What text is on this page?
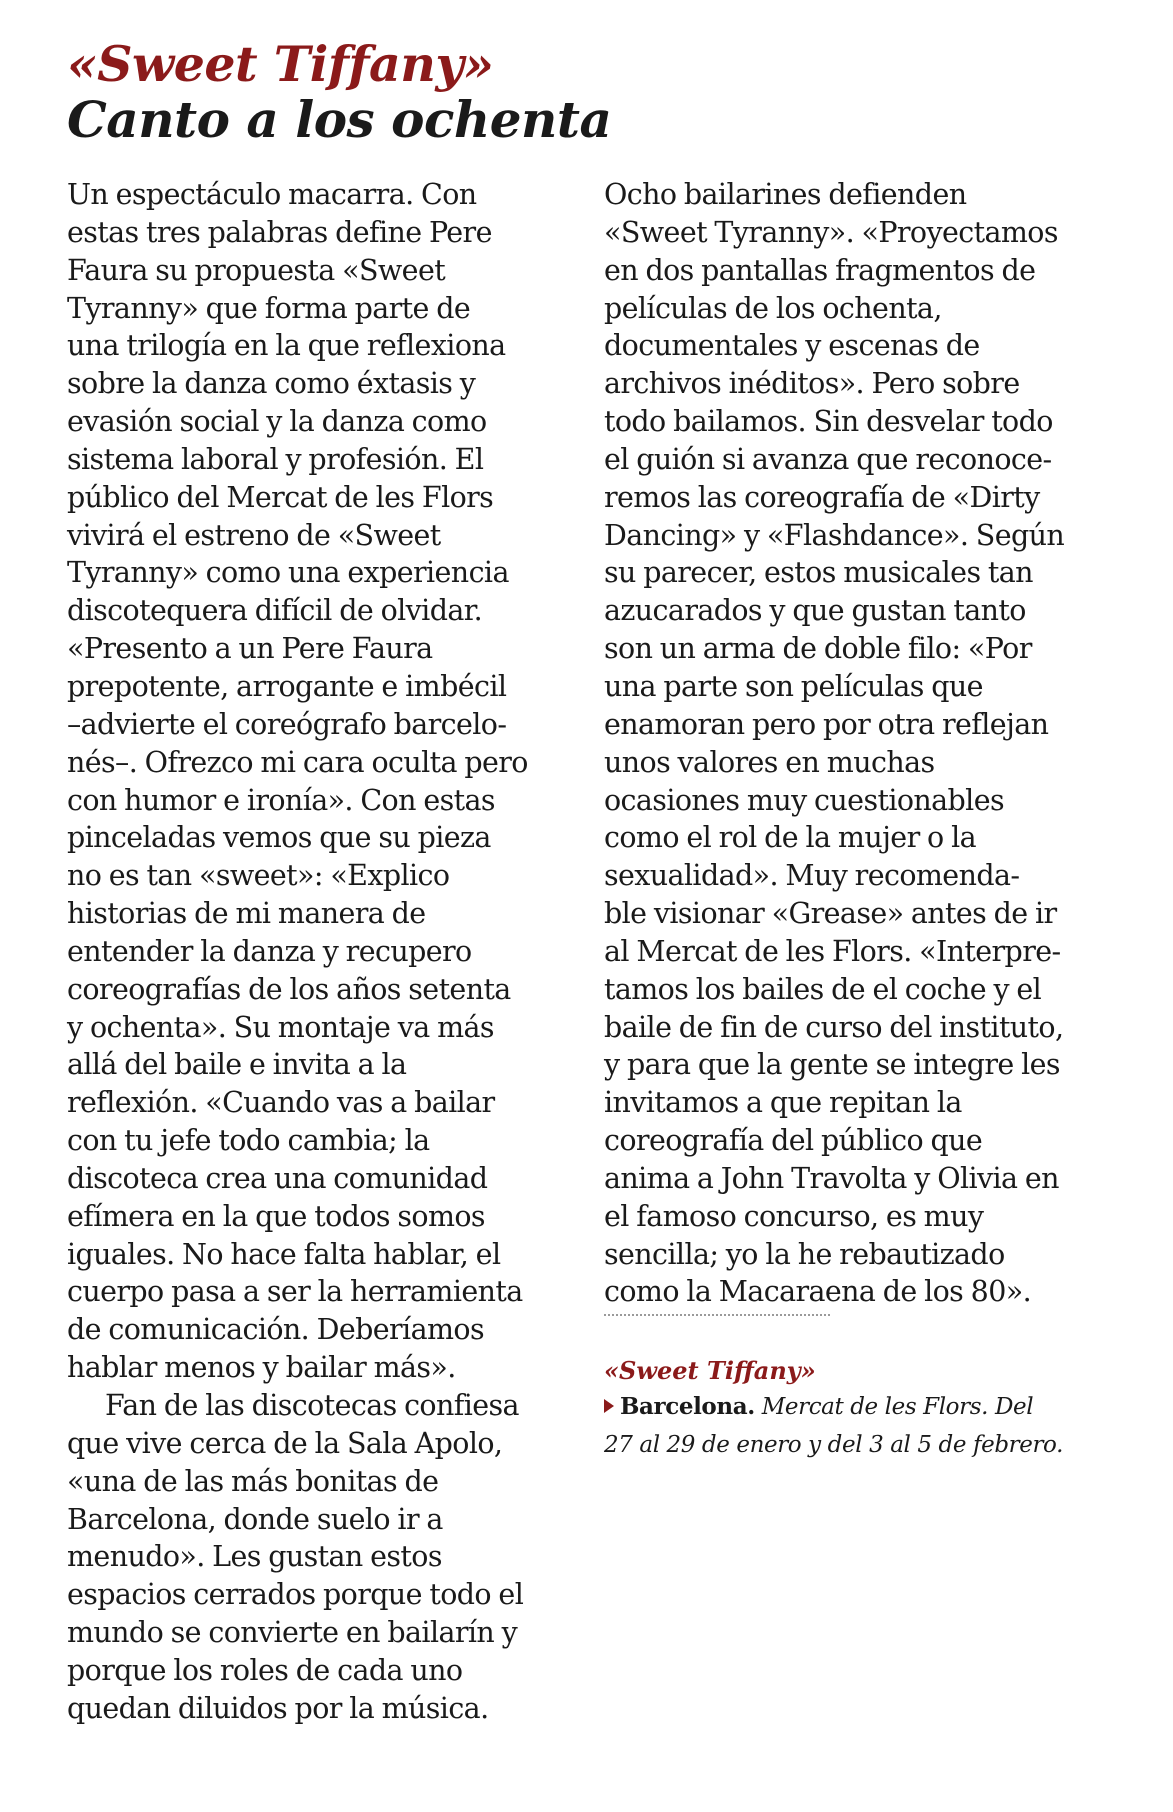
«Sweet Tiffany»
Canto a los ochenta

Un espectáculo macarra. Con
estas tres palabras define Pere
Faura su propuesta «Sweet
Tyranny» que forma parte de
una trilogía en la que reflexiona
sobre la danza como éxtasis y
evasión social y la danza como
sistema laboral y profesión. El
público del Mercat de les Flors
vivirá el estreno de «Sweet
Tyranny» como una experiencia
discotequera difícil de olvidar.
«Presento a un Pere Faura
prepotente, arrogante e imbécil
–advierte el coreógrafo barcelo-
nés–. Ofrezco mi cara oculta pero
con humor e ironía». Con estas
pinceladas vemos que su pieza
no es tan «sweet»: «Explico
historias de mi manera de
entender la danza y recupero
coreografías de los años setenta
y ochenta». Su montaje va más
allá del baile e invita a la
reflexión. «Cuando vas a bailar
con tu jefe todo cambia; la
discoteca crea una comunidad
efímera en la que todos somos
iguales. No hace falta hablar, el
cuerpo pasa a ser la herramienta
de comunicación. Deberíamos
hablar menos y bailar más».

Fan de las discotecas confiesa
que vive cerca de la Sala Apolo,
«una de las más bonitas de
Barcelona, donde suelo ir a
menudo». Les gustan estos
espacios cerrados porque todo el
mundo se convierte en bailarín y
porque los roles de cada uno
quedan diluidos por la música.

Ocho bailarines defienden
«Sweet Tyranny». «Proyectamos
en dos pantallas fragmentos de
películas de los ochenta,
documentales y escenas de
archivos inéditos». Pero sobre
todo bailamos. Sin desvelar todo
el guión si avanza que reconoce-
remos las coreografía de «Dirty
Dancing» y «Flashdance». Según
su parecer, estos musicales tan
azucarados y que gustan tanto
son un arma de doble filo: «Por
una parte son películas que
enamoran pero por otra reflejan
unos valores en muchas
ocasiones muy cuestionables
como el rol de la mujer o la
sexualidad». Muy recomenda-
ble visionar «Grease» antes de ir
al Mercat de les Flors. «Interpre-
tamos los bailes de el coche y el
baile de fin de curso del instituto,
y para que la gente se integre les
invitamos a que repitan la
coreografía del público que
anima a John Travolta y Olivia en
el famoso concurso, es muy
sencilla; yo la he rebautizado
como la Macaraena de los 80».

«Sweet Tiffany»
Barcelona. Mercat de les Flors. Del
27 al 29 de enero y del 3 al 5 de febrero.
